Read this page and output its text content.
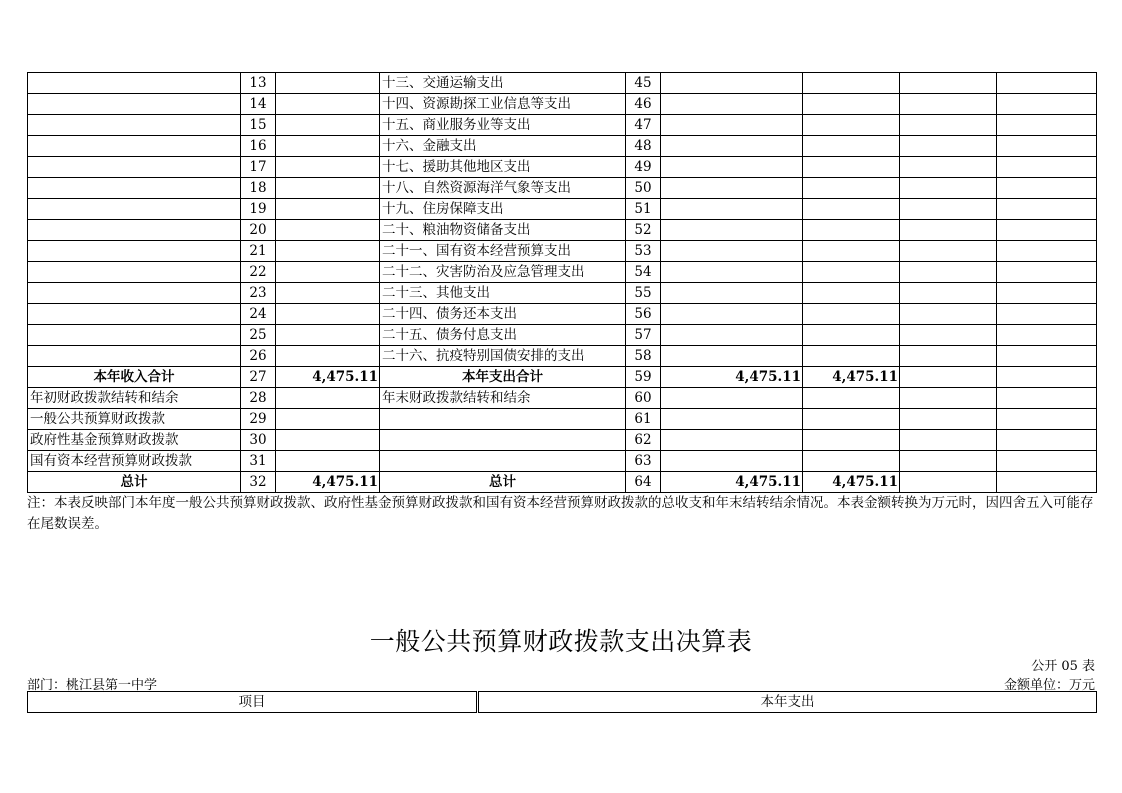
	13		十三、交通运输支出	45				
	14		十四、资源勘探工业信息等支出	46				
	15		十五、商业服务业等支出	47				
	16		十六、金融支出	48				
	17		十七、援助其他地区支出	49				
	18		十八、自然资源海洋气象等支出	50				
	19		十九、住房保障支出	51				
	20		二十、粮油物资储备支出	52				
	21		二十一、国有资本经营预算支出	53				
	22		二十二、灾害防治及应急管理支出	54				
	23		二十三、其他支出	55				
	24		二十四、债务还本支出	56				
	25		二十五、债务付息支出	57				
	26		二十六、抗疫特别国债安排的支出	58				
本年收入合计	27	4,475.11	本年支出合计	59	4,475.11	4,475.11		
年初财政拨款结转和结余	28		年末财政拨款结转和结余	60				
一般公共预算财政拨款	29			61				
政府性基金预算财政拨款	30			62				
国有资本经营预算财政拨款	31			63				
总计	32	4,475.11	总计	64	4,475.11	4,475.11		
注：本表反映部门本年度一般公共预算财政拨款、政府性基金预算财政拨款和国有资本经营预算财政拨款的总收支和年末结转结余情况。本表金额转换为万元时，因四舍五入可能存在尾数误差。
一般公共预算财政拨款支出决算表
公开 05 表
部门：桃江县第一中学	金额单位：万元
项目	本年支出
